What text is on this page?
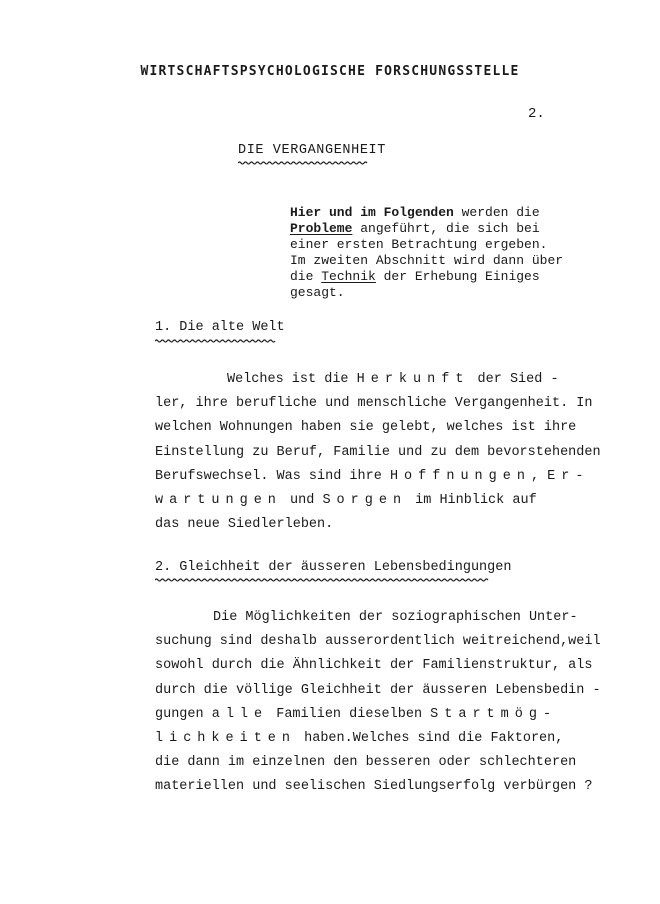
WIRTSCHAFTSPSYCHOLOGISCHE FORSCHUNGSSTELLE
2.
DIE VERGANGENHEIT
Hier und im Folgenden werden die
Probleme angeführt, die sich bei
einer ersten Betrachtung ergeben.
Im zweiten Abschnitt wird dann über
die Technik der Erhebung Einiges
gesagt.
1. Die alte Welt
Welches ist die Herkunft der Sied -
ler, ihre berufliche und menschliche Vergangenheit. In
welchen Wohnungen haben sie gelebt, welches ist ihre
Einstellung zu Beruf, Familie und zu dem bevorstehenden
Berufswechsel. Was sind ihre Hoffnungen, Er-
wartungen und Sorgen im Hinblick auf
das neue Siedlerleben.
2. Gleichheit der äusseren Lebensbedingungen
Die Möglichkeiten der soziographischen Unter-
suchung sind deshalb ausserordentlich weitreichend,weil
sowohl durch die Ähnlichkeit der Familienstruktur, als
durch die völlige Gleichheit der äusseren Lebensbedin -
gungen alle Familien dieselben Startmög-
lichkeiten haben.Welches sind die Faktoren,
die dann im einzelnen den besseren oder schlechteren
materiellen und seelischen Siedlungserfolg verbürgen ?
